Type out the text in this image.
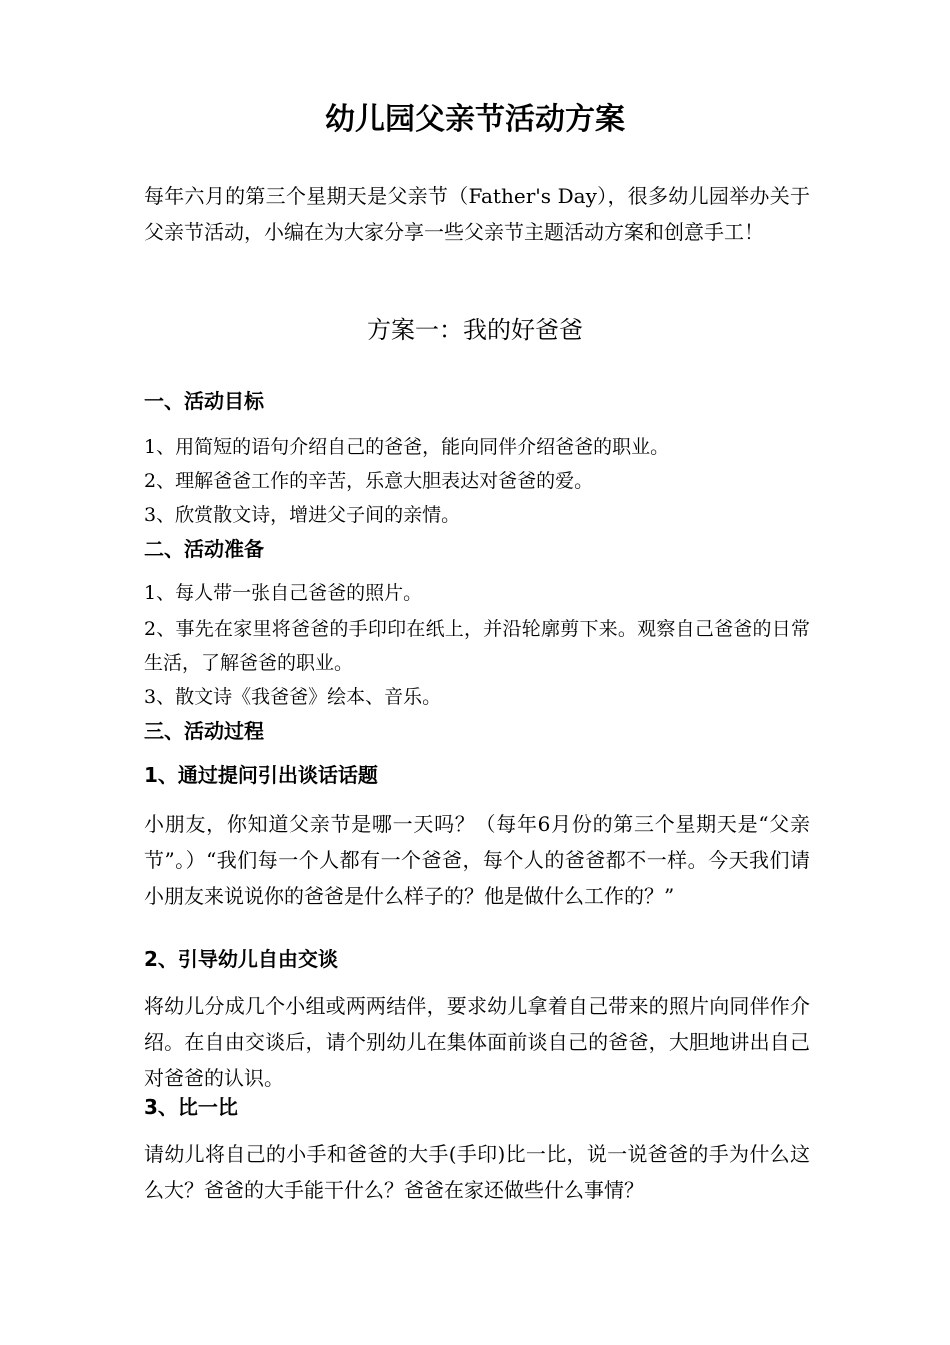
幼儿园父亲节活动方案

每年六月的第三个星期天是父亲节（Father's Day），很多幼儿园举办关于父亲节活动，小编在为大家分享一些父亲节主题活动方案和创意手工！

方案一：我的好爸爸
一、活动目标
1、用简短的语句介绍自己的爸爸，能向同伴介绍爸爸的职业。
2、理解爸爸工作的辛苦，乐意大胆表达对爸爸的爱。
3、欣赏散文诗，增进父子间的亲情。
二、活动准备
1、每人带一张自己爸爸的照片。

2、事先在家里将爸爸的手印印在纸上，并沿轮廓剪下来。观察自己爸爸的日常生活，了解爸爸的职业。

3、散文诗《我爸爸》绘本、音乐。
三、活动过程
1、通过提问引出谈话话题

小朋友，你知道父亲节是哪一天吗？（每年6月份的第三个星期天是“父亲节”。）“我们每一个人都有一个爸爸，每个人的爸爸都不一样。今天我们请小朋友来说说你的爸爸是什么样子的？他是做什么工作的？”

2、引导幼儿自由交谈

将幼儿分成几个小组或两两结伴，要求幼儿拿着自己带来的照片向同伴作介绍。在自由交谈后，请个别幼儿在集体面前谈自己的爸爸，大胆地讲出自己对爸爸的认识。

3、比一比

请幼儿将自己的小手和爸爸的大手(手印)比一比，说一说爸爸的手为什么这么大？爸爸的大手能干什么？爸爸在家还做些什么事情？
